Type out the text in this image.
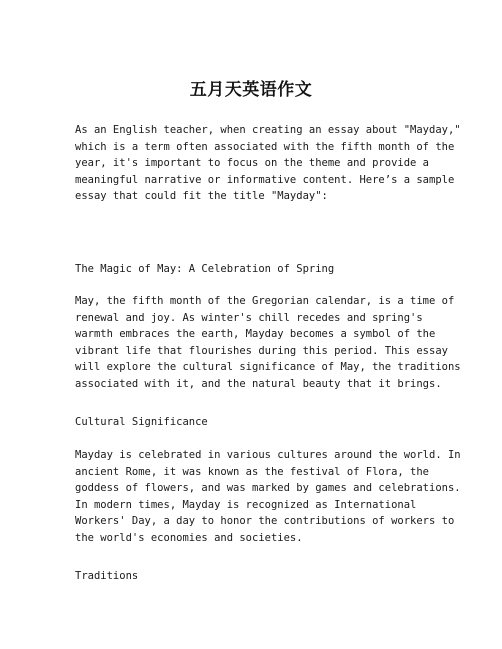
五月天英语作文
As an English teacher, when creating an essay about "Mayday,"
which is a term often associated with the fifth month of the
year, it's important to focus on the theme and provide a
meaningful narrative or informative content. Here’s a sample
essay that could fit the title "Mayday":
The Magic of May: A Celebration of Spring
May, the fifth month of the Gregorian calendar, is a time of
renewal and joy. As winter's chill recedes and spring's
warmth embraces the earth, Mayday becomes a symbol of the
vibrant life that flourishes during this period. This essay
will explore the cultural significance of May, the traditions
associated with it, and the natural beauty that it brings.
Cultural Significance
Mayday is celebrated in various cultures around the world. In
ancient Rome, it was known as the festival of Flora, the
goddess of flowers, and was marked by games and celebrations.
In modern times, Mayday is recognized as International
Workers' Day, a day to honor the contributions of workers to
the world's economies and societies.
Traditions
